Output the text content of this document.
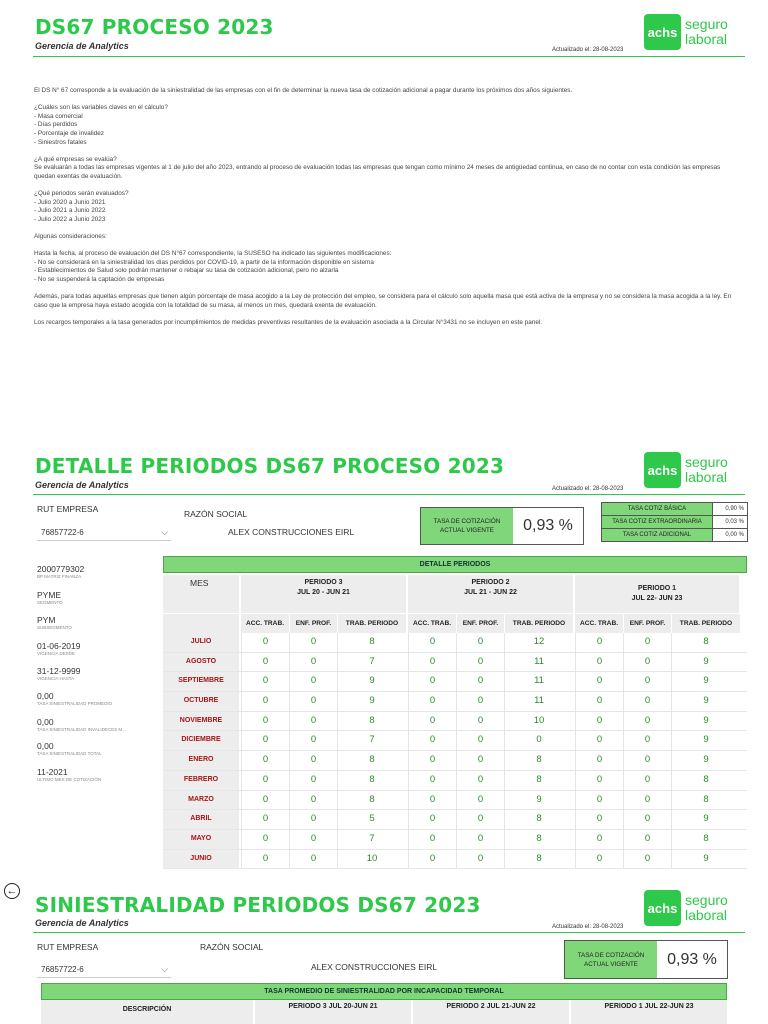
DS67 PROCESO 2023
Gerencia de Analytics	Actualizado el: 28-08-2023
achs seguro
laboral

El DS N° 67 corresponde a la evaluación de la siniestralidad de las empresas con el fin de determinar la nueva tasa de cotización adicional a pagar durante los próximos dos años siguientes.

¿Cuáles son las variables claves en el cálculo?

- Masa comercial

- Días perdidos

- Porcentaje de invalidez

- Siniestros fatales

¿A qué empresas se evalúa?

Se evaluarán a todas las empresas vigentes al 1 de julio del año 2023, entrando al proceso de evaluación todas las empresas que tengan como mínimo 24 meses de antigüedad continua, en caso de no contar con esta condición las empresas quedan exentas de evaluación.

¿Qué periodos serán evaluados?

- Julio 2020 a Junio 2021

- Julio 2021 a Junio 2022

- Julio 2022 a Junio 2023

Algunas consideraciones:

Hasta la fecha, al proceso de evaluación del DS N°67 correspondiente, la SUSESO ha indicado las siguientes modificaciones:

- No se considerará en la siniestralidad los días perdidos por COVID-19, a partir de la información disponible en sistema

- Establecimientos de Salud solo podrán mantener o rebajar su tasa de cotización adicional, pero no alzarla

- No se suspenderá la captación de empresas

Además, para todas aquellas empresas que tienen algún porcentaje de masa acogido a la Ley de protección del empleo, se considera para el cálculo solo aquella masa que está activa de la empresa y no se considera la masa acogida a la ley. En caso que la empresa haya estado acogida con la totalidad de su masa, al menos un mes, quedará exenta de evaluación.

Los recargos temporales a la tasa generados por incumplimientos de medidas preventivas resultantes de la evaluación asociada a la Circular N°3431 no se incluyen en este panel.

DETALLE PERIODOS DS67 PROCESO 2023
Gerencia de Analytics	Actualizado el: 28-08-2023
achs seguro
laboral
RUT EMPRESA
76857722-6	⌵
RAZÓN SOCIAL
ALEX CONSTRUCCIONES EIRL
TASA DE COTIZACIÓN ACTUAL VIGENTE	0,93 %
TASA COTIZ BÁSICA	0,90 %
TASA COTIZ EXTRAORDINARIA	0,03 %
TASA COTIZ ADICIONAL	0,00 %
2000779302
BP MATRIZ FINANZA
PYME
SEGMENTO
PYM
SUBSEGMENTO
01-06-2019
VIGENCIA DESDE
31-12-9999
VIGENCIA HASTA
0,00
TASA SINIESTRALIDAD PROMEDIO
0,00
TASA SINIESTRALIDAD INVALIDECES M...
0,00
TASA SINIESTRALIDAD TOTAL
11-2021
ULTIMO MES DE COTIZACIÓN
DETALLE PERIODOS
MES	PERIODO 3
JUL 20 - JUN 21
PERIODO 2
JUL 21 - JUN 22
PERIODO 1
JUL 22- JUN 23
ACC. TRAB.	ENF. PROF.	TRAB. PERIODO	ACC. TRAB.	ENF. PROF.	TRAB. PERIODO	ACC. TRAB.	ENF. PROF.	TRAB. PERIODO
JULIO	0	0	8	0	0	12	0	0	8
AGOSTO	0	0	7	0	0	11	0	0	9
SEPTIEMBRE	0	0	9	0	0	11	0	0	9
OCTUBRE	0	0	9	0	0	11	0	0	9
NOVIEMBRE	0	0	8	0	0	10	0	0	9
DICIEMBRE	0	0	7	0	0	0	0	0	9
ENERO	0	0	8	0	0	8	0	0	9
FEBRERO	0	0	8	0	0	8	0	0	8
MARZO	0	0	8	0	0	9	0	0	8
ABRIL	0	0	5	0	0	8	0	0	9
MAYO	0	0	7	0	0	8	0	0	8
JUNIO	0	0	10	0	0	8	0	0	9
←
SINIESTRALIDAD PERIODOS DS67 2023
Gerencia de Analytics	Actualizado el: 28-08-2023
achs seguro
laboral
RUT EMPRESA
76857722-6	⌵
RAZÓN SOCIAL
ALEX CONSTRUCCIONES EIRL
TASA DE COTIZACIÓN ACTUAL VIGENTE	0,93 %
TASA PROMEDIO DE SINIESTRALIDAD POR INCAPACIDAD TEMPORAL
DESCRIPCIÓN	PERIODO 3 JUL 20-JUN 21	PERIODO 2 JUL 21-JUN 22	PERIODO 1 JUL 22-JUN 23
